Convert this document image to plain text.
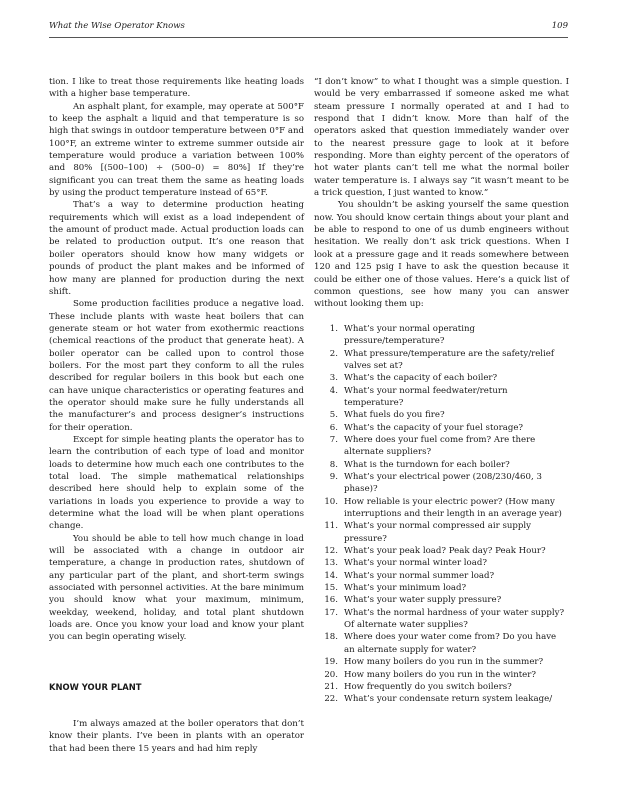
What the Wise Operator Knows	109

tion. I like to treat those requirements like heating loads with a higher base temperature.

An asphalt plant, for example, may operate at 500°F to keep the asphalt a liquid and that temperature is so high that swings in outdoor temperature between 0°F and 100°F, an extreme winter to extreme summer outside air temperature would produce a variation between 100% and 80% [(500–100) ÷ (500–0) = 80%] If they’re significant you can treat them the same as heating loads by using the product temperature instead of 65°F.

That’s a way to determine production heating requirements which will exist as a load independent of the amount of product made. Actual production loads can be related to production output. It’s one reason that boiler operators should know how many widgets or pounds of product the plant makes and be informed of how many are planned for production during the next shift.

Some production facilities produce a negative load. These include plants with waste heat boilers that can generate steam or hot water from exothermic reactions (chemical reactions of the product that generate heat). A boiler operator can be called upon to control those boilers. For the most part they conform to all the rules described for regular boilers in this book but each one can have unique characteristics or operating features and the operator should make sure he fully understands all the manufacturer’s and process designer’s instructions for their operation.

Except for simple heating plants the operator has to learn the contribution of each type of load and monitor loads to determine how much each one contributes to the total load. The simple mathematical relationships described here should help to explain some of the variations in loads you experience to provide a way to determine what the load will be when plant operations change.

You should be able to tell how much change in load will be associated with a change in outdoor air temperature, a change in production rates, shutdown of any particular part of the plant, and short-term swings associated with personnel activities. At the bare minimum you should know what your maximum, minimum, weekday, weekend, holiday, and total plant shutdown loads are. Once you know your load and know your plant you can begin operating wisely.

KNOW YOUR PLANT

I’m always amazed at the boiler operators that don’t know their plants. I’ve been in plants with an operator that had been there 15 years and had him reply

“I don’t know” to what I thought was a simple question. I would be very embarrassed if someone asked me what steam pressure I normally operated at and I had to respond that I didn’t know. More than half of the operators asked that question immediately wander over to the nearest pressure gage to look at it before responding. More than eighty percent of the operators of hot water plants can’t tell me what the normal boiler water temperature is. I always say “it wasn’t meant to be a trick question, I just wanted to know.”

You shouldn’t be asking yourself the same question now. You should know certain things about your plant and be able to respond to one of us dumb engineers without hesitation. We really don’t ask trick questions. When I look at a pressure gage and it reads somewhere between 120 and 125 psig I have to ask the question because it could be either one of those values. Here’s a quick list of common questions, see how many you can answer without looking them up:

1. What’s your normal operating pressure/temperature?
2. What pressure/temperature are the safety/relief valves set at?
3. What’s the capacity of each boiler?
4. What’s your normal feedwater/return temperature?
5. What fuels do you fire?
6. What’s the capacity of your fuel storage?
7. Where does your fuel come from? Are there alternate suppliers?
8. What is the turndown for each boiler?
9. What’s your electrical power (208/230/460, 3 phase)?
10. How reliable is your electric power? (How many interruptions and their length in an average year)
11. What’s your normal compressed air supply pressure?
12. What’s your peak load? Peak day? Peak Hour?
13. What’s your normal winter load?
14. What’s your normal summer load?
15. What’s your minimum load?
16. What’s your water supply pressure?
17. What’s the normal hardness of your water supply? Of alternate water supplies?
18. Where does your water come from? Do you have an alternate supply for water?
19. How many boilers do you run in the summer?
20. How many boilers do you run in the winter?
21. How frequently do you switch boilers?
22. What’s your condensate return system leakage/
